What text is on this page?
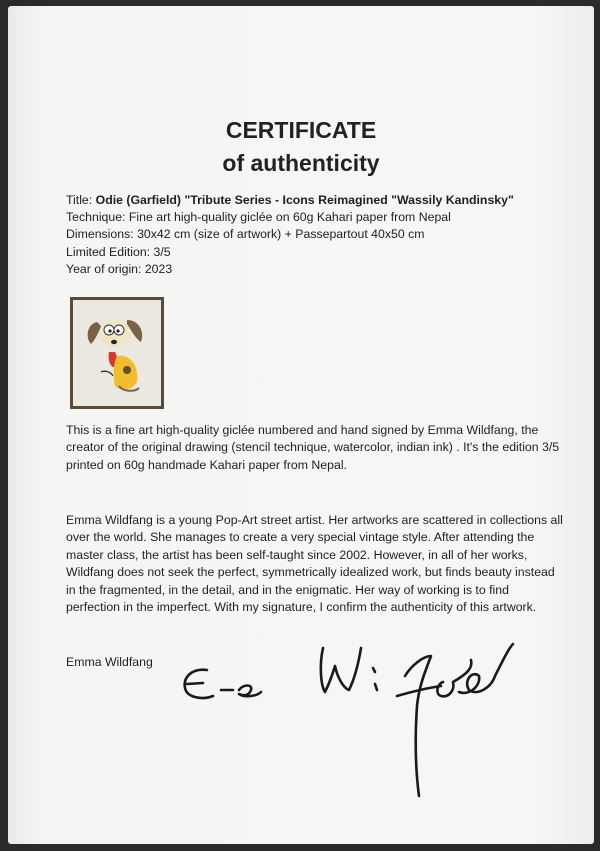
CERTIFICATE
of authenticity
Title: Odie (Garfield) "Tribute Series - Icons Reimagined "Wassily Kandinsky"
Technique: Fine art high-quality giclée on 60g Kahari paper from Nepal
Dimensions: 30x42 cm (size of artwork) + Passepartout 40x50 cm
Limited Edition: 3/5
Year of origin: 2023
This is a fine art high-quality giclée numbered and hand signed by Emma Wildfang, the creator of the original drawing (stencil technique, watercolor, indian ink) . It's the edition 3/5 printed on 60g handmade Kahari paper from Nepal.
Emma Wildfang is a young Pop-Art street artist. Her artworks are scattered in collections all over the world. She manages to create a very special vintage style. After attending the master class, the artist has been self-taught since 2002. However, in all of her works, Wildfang does not seek the perfect, symmetrically idealized work, but finds beauty instead in the fragmented, in the detail, and in the enigmatic. Her way of working is to find perfection in the imperfect. With my signature, I confirm the authenticity of this artwork.
Emma Wildfang
